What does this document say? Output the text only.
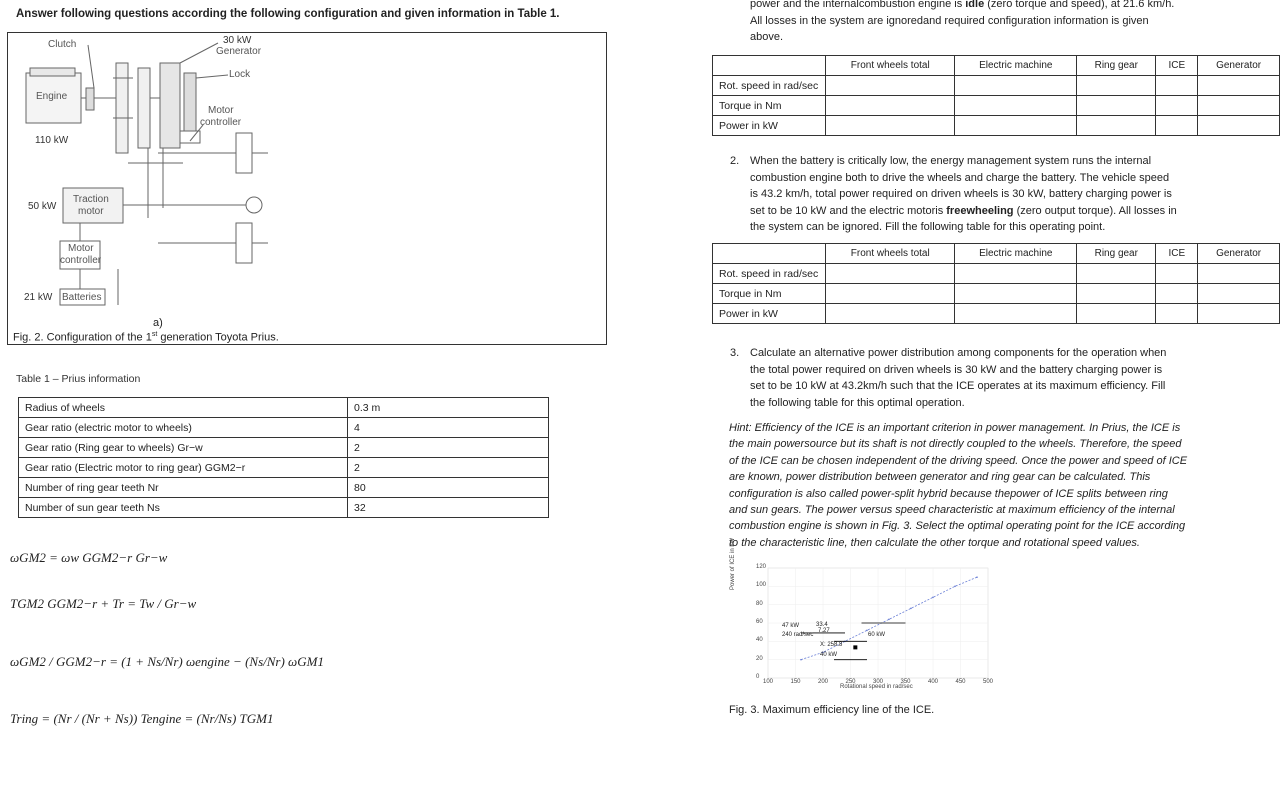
Answer following questions according the following configuration and given information in Table 1.
Clutch	30 kW
Generator
Lock
Engine
Motor
controller
110 kW
50 kW
Traction
motor
Motor
controller
21 kW Batteries
a)
Fig. 2. Configuration of the 1st generation Toyota Prius.
Table 1 – Prius information
Radius of wheels	0.3 m
Gear ratio (electric motor to wheels)	4
Gear ratio (Ring gear to wheels) Gr−w	2
Gear ratio (Electric motor to ring gear) GGM2−r	2
Number of ring gear teeth Nr	80
Number of sun gear teeth Ns	32
ωGM2 = ωw GGM2−r Gr−w
TGM2 GGM2−r + Tr = Tw / Gr−w
ωGM2 / GGM2−r = (1 + Ns/Nr) ωengine − (Ns/Nr) ωGM1
Tring = (Nr / (Nr + Ns)) Tengine = (Nr/Ns) TGM1
power and the internalcombustion engine is idle (zero torque and speed), at 21.6 km/h.
All losses in the system are ignoredand required configuration information is given
above.
	Front wheels total	Electric machine	Ring gear	ICE	Generator
Rot. speed in rad/sec					
Torque in Nm					
Power in kW					
2. When the battery is critically low, the energy management system runs the internal
combustion engine both to drive the wheels and charge the battery. The vehicle speed
is 43.2 km/h, total power required on driven wheels is 30 kW, battery charging power is
set to be 10 kW and the electric motoris freewheeling (zero output torque). All losses in
the system can be ignored. Fill the following table for this operating point.
	Front wheels total	Electric machine	Ring gear	ICE	Generator
Rot. speed in rad/sec					
Torque in Nm					
Power in kW					
3. Calculate an alternative power distribution among components for the operation when
the total power required on driven wheels is 30 kW and the battery charging power is
set to be 10 kW at 43.2km/h such that the ICE operates at its maximum efficiency. Fill
the following table for this optimal operation.
Hint: Efficiency of the ICE is an important criterion in power management. In Prius, the ICE is
the main powersource but its shaft is not directly coupled to the wheels. Therefore, the speed
of the ICE can be chosen independent of the driving speed. Once the power and speed of ICE
are known, power distribution between generator and ring gear can be calculated. This
configuration is also called power-split hybrid because thepower of ICE splits between ring
and sun gears. The power versus speed characteristic at maximum efficiency of the internal
combustion engine is shown in Fig. 3. Select the optimal operating point for the ICE according
to the characteristic line, then calculate the other torque and rotational speed values.
Power of ICE in kW
Rotational speed in rad/sec
100	150	200	250	300	350	400	450	500
0
20
40
60
80
100
120
47 kW
240 rad/sec
7.27
33.4
60 kW
40 kW
X: 258.8
Fig. 3. Maximum efficiency line of the ICE.
